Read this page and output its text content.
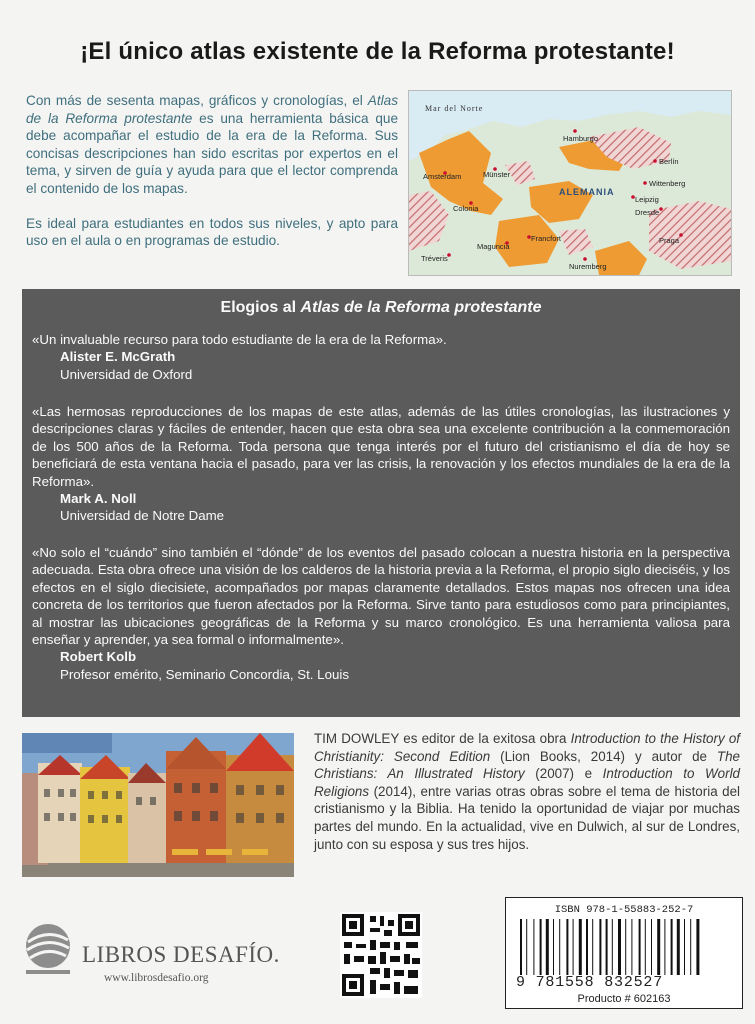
¡El único atlas existente de la Reforma protestante!

Con más de sesenta mapas, gráficos y cronologías, el Atlas de la Reforma protestante es una herramienta básica que debe acompañar el estudio de la era de la Reforma. Sus concisas descripciones han sido escritas por expertos en el tema, y sirven de guía y ayuda para que el lector comprenda el contenido de los mapas.

Es ideal para estudiantes en todos sus niveles, y apto para uso en el aula o en programas de estudio.

Mar del Norte
ALEMANIA
Hamburgo
Berlín
Amsterdam	Münster
Wittenberg
Leipzig
Dresde
Colonia
Francfort
Maguncia
Praga
Tréveris
Nuremberg
Elogios al Atlas de la Reforma protestante
«Un invaluable recurso para todo estudiante de la era de la Reforma».
Alister E. McGrath
Universidad de Oxford
«Las hermosas reproducciones de los mapas de este atlas, además de las útiles cronologías, las ilustraciones y descripciones claras y fáciles de entender, hacen que esta obra sea una excelente contribución a la conmemoración de los 500 años de la Reforma. Toda persona que tenga interés por el futuro del cristianismo el día de hoy se beneficiará de esta ventana hacia el pasado, para ver las crisis, la renovación y los efectos mundiales de la era de la Reforma».
Mark A. Noll
Universidad de Notre Dame
«No solo el “cuándo” sino también el “dónde” de los eventos del pasado colocan a nuestra historia en la perspectiva adecuada. Esta obra ofrece una visión de los calderos de la historia previa a la Reforma, el propio siglo dieciséis, y los efectos en el siglo diecisiete, acompañados por mapas claramente detallados. Estos mapas nos ofrecen una idea concreta de los territorios que fueron afectados por la Reforma. Sirve tanto para estudiosos como para principiantes, al mostrar las ubicaciones geográficas de la Reforma y su marco cronológico. Es una herramienta valiosa para enseñar y aprender, ya sea formal o informalmente».
Robert Kolb
Profesor emérito, Seminario Concordia, St. Louis
TIM DOWLEY es editor de la exitosa obra Introduction to the History of Christianity: Second Edition (Lion Books, 2014) y autor de The Christians: An Illustrated History (2007) e Introduction to World Religions (2014), entre varias otras obras sobre el tema de historia del cristianismo y la Biblia. Ha tenido la oportunidad de viajar por muchas partes del mundo. En la actualidad, vive en Dulwich, al sur de Londres, junto con su esposa y sus tres hijos.
LIBROS DESAFÍO.
www.librosdesafio.org
ISBN 978-1-55883-252-7
9 781558 832527
Producto # 602163
